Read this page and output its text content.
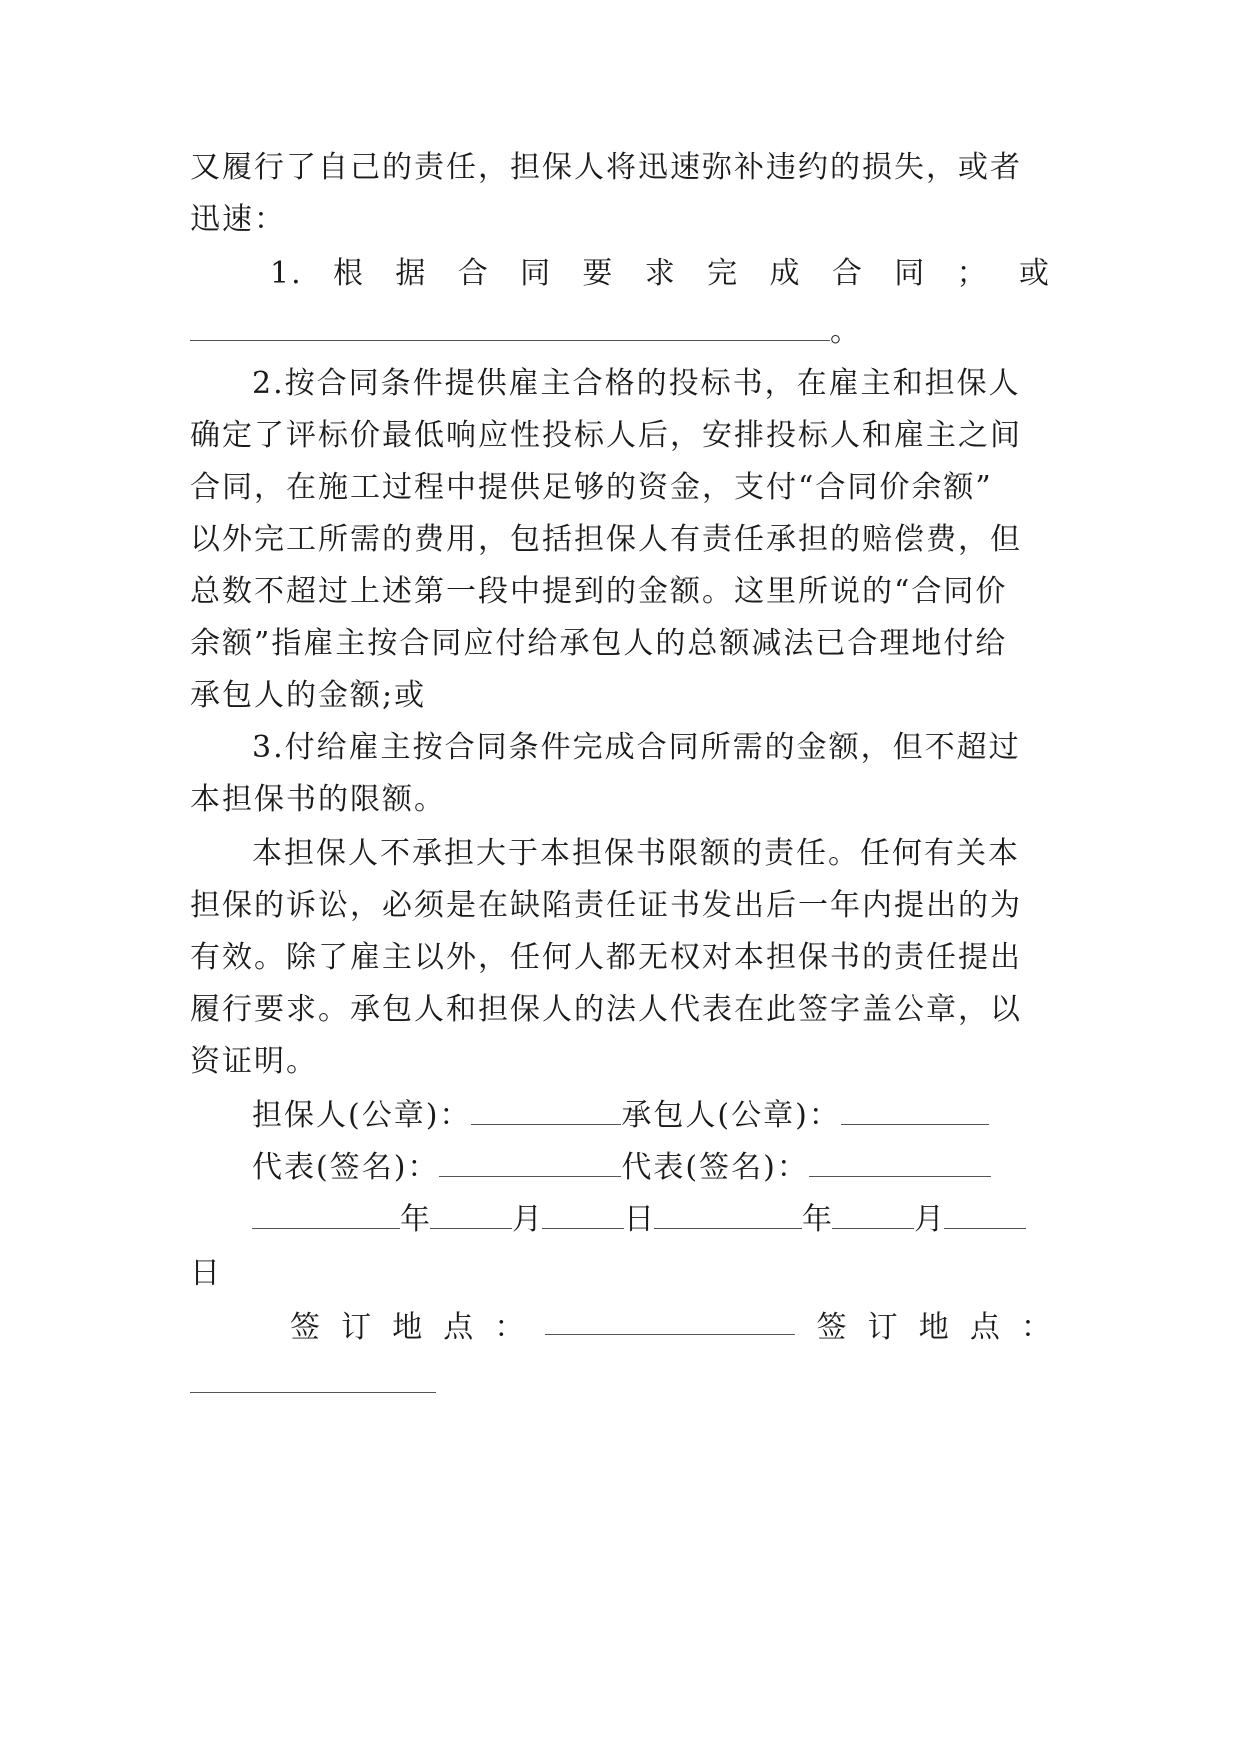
又履行了自己的责任，担保人将迅速弥补违约的损失，或者
迅速：
1. 根 据 合 同 要 求 完 成 合 同 ； 或
。
2.按合同条件提供雇主合格的投标书，在雇主和担保人
确定了评标价最低响应性投标人后，安排投标人和雇主之间
合同，在施工过程中提供足够的资金，支付“合同价余额”
以外完工所需的费用，包括担保人有责任承担的赔偿费，但
总数不超过上述第一段中提到的金额。这里所说的“合同价
余额”指雇主按合同应付给承包人的总额减法已合理地付给
承包人的金额;或
3.付给雇主按合同条件完成合同所需的金额，但不超过
本担保书的限额。
本担保人不承担大于本担保书限额的责任。任何有关本
担保的诉讼，必须是在缺陷责任证书发出后一年内提出的为
有效。除了雇主以外，任何人都无权对本担保书的责任提出
履行要求。承包人和担保人的法人代表在此签字盖公章，以
资证明。
担保人(公章)：	承包人(公章)：
代表(签名)：	代表(签名)：
年	月	日	年	月
日
签 订 地 点 ：	签 订 地 点 ：
